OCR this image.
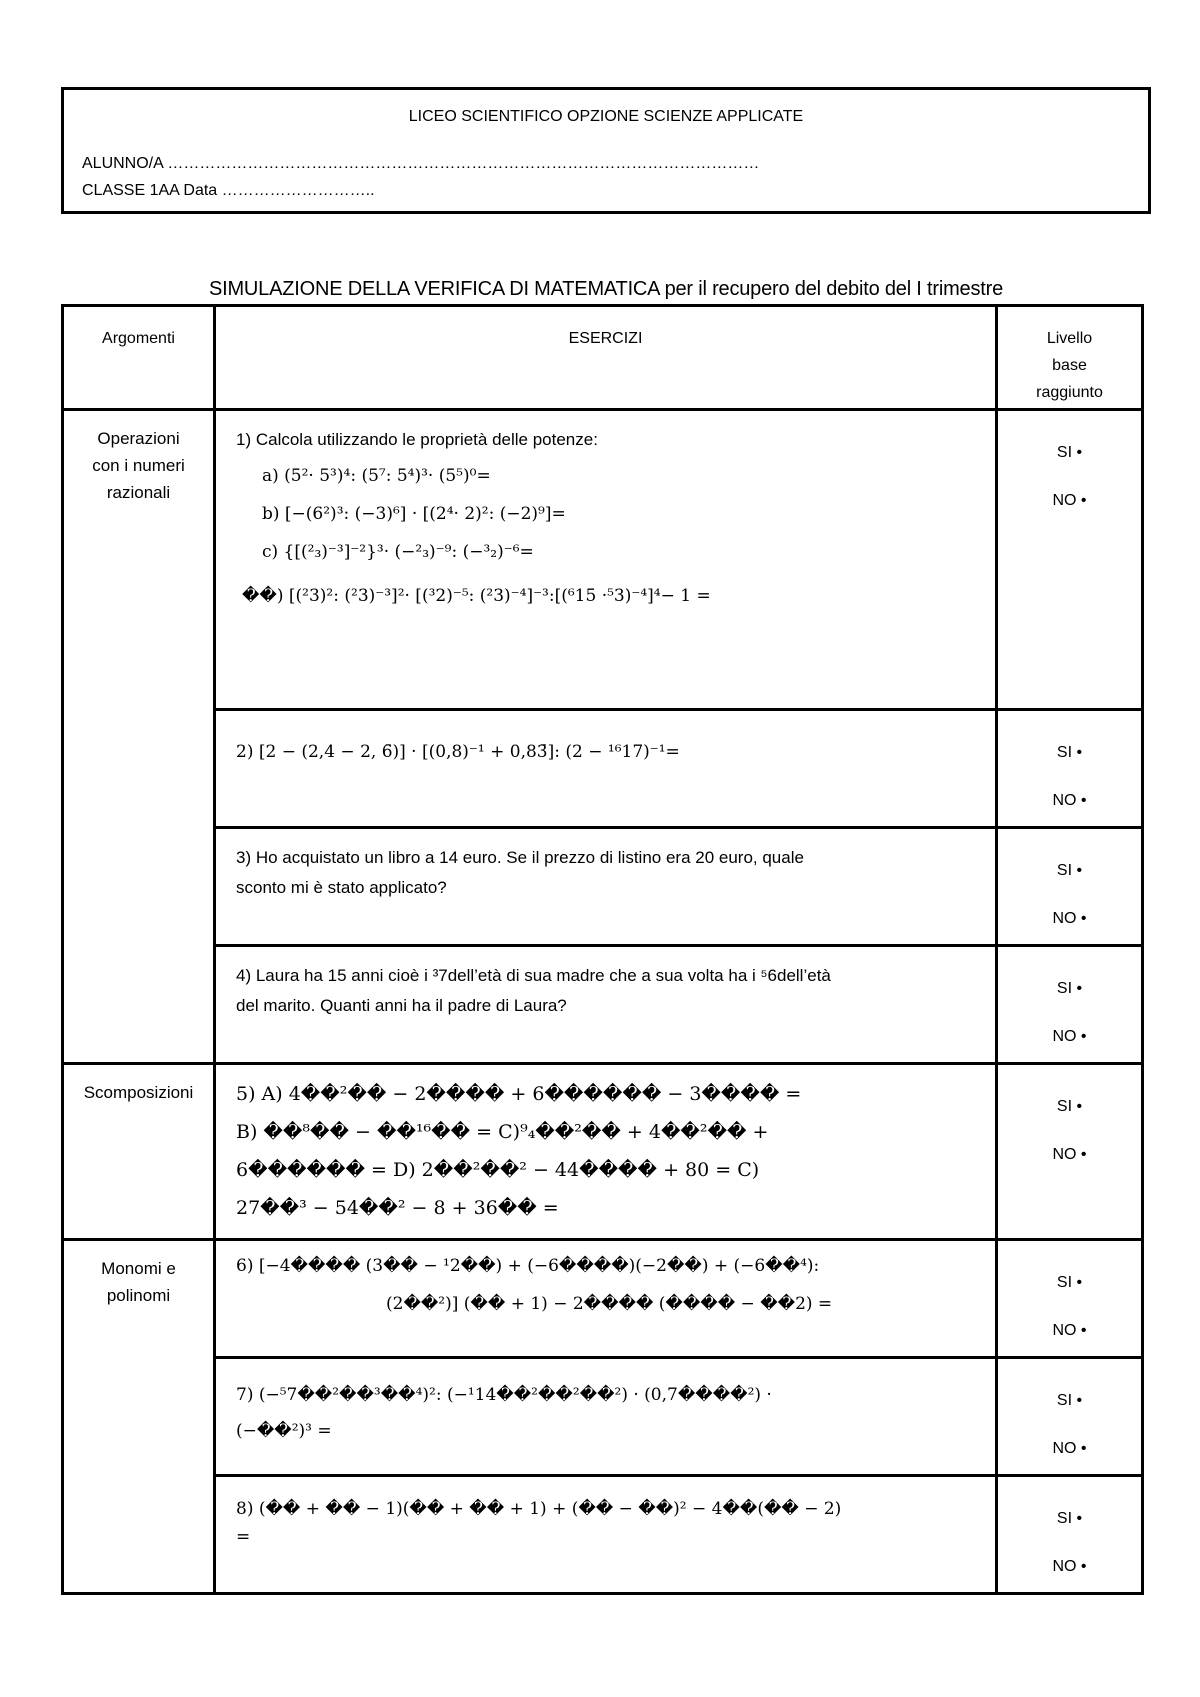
LICEO SCIENTIFICO OPZIONE SCIENZE APPLICATE
ALUNNO/A …………………………………………………………………………………………………
CLASSE 1AA Data ………………………..
SIMULAZIONE DELLA VERIFICA DI MATEMATICA per il recupero del debito del I trimestre
Argomenti	ESERCIZI	Livello base raggiunto

Operazioni con i numeri razionali	1) Calcola utilizzando le proprietà delle potenze:
a) (5²· 5³)⁴: (5⁷: 5⁴)³· (5⁵)⁰=
b) [−(6²)³: (−3)⁶] · [(2⁴· 2)²: (−2)⁹]=
c) {[(²₃)⁻³]⁻²}³· (−²₃)⁻⁹: (−³₂)⁻⁶=
��) [(²3)²: (²3)⁻³]²· [(³2)⁻⁵: (²3)⁻⁴]⁻³:[(⁶15 ·⁵3)⁻⁴]⁴− 1 =	SI •
NO •

	2) [2 − (2,4 − 2, 6̄)] · [(0,8)⁻¹ + 0,83̄]: (2 − ¹⁶17)⁻¹=	SI •
NO •

	3) Ho acquistato un libro a 14 euro. Se il prezzo di listino era 20 euro, quale
sconto mi è stato applicato?	SI •
NO •

	4) Laura ha 15 anni cioè i ³7dell’età di sua madre che a sua volta ha i ⁵6dell’età
del marito. Quanti anni ha il padre di Laura?	SI •
NO •

Scomposizioni	5) A) 4��²�� − 2���� + 6������ − 3���� =
B) ��⁸�� − ��¹⁶�� = C)⁹₄��²�� + 4��²�� +
6������ = D) 2��²��² − 44���� + 80 = C)
27��³ − 54��² − 8 + 36�� =	SI •
NO •

Monomi e polinomi	6) [−4���� (3�� − ¹2��) + (−6����)(−2��) + (−6��⁴):
(2��²)] (�� + 1) − 2���� (���� − ��2) =	SI •
NO •

	7) (−⁵7��²��³��⁴)²: (−¹14��²��²��²) · (0,7����²) ·
(−��²)³ =	SI •
NO •

	8) (�� + �� − 1)(�� + �� + 1) + (�� − ��)² − 4��(�� − 2)
=	SI •
NO •
